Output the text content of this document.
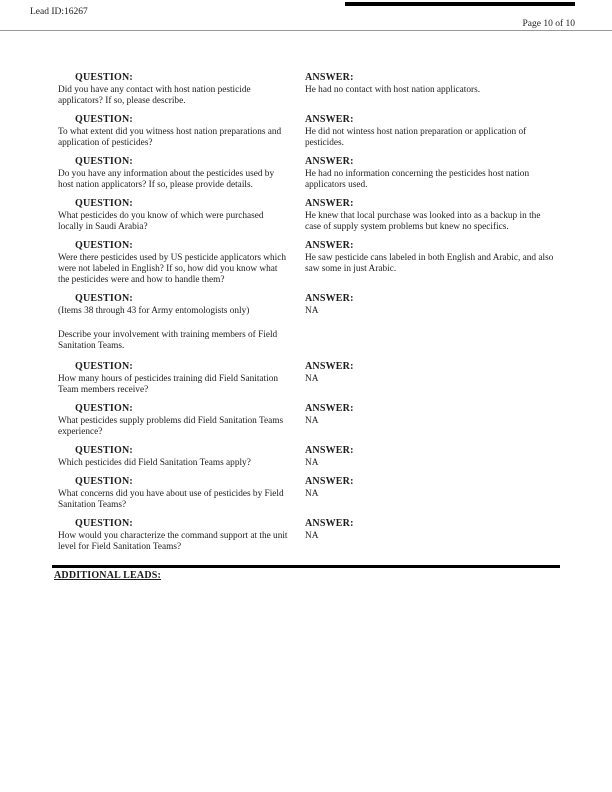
Lead ID:16267
Page 10 of 10
QUESTION:
Did you have any contact with host nation pesticide applicators? If so, please describe.
ANSWER:
He had no contact with host nation applicators.
QUESTION:
To what extent did you witness host nation preparations and application of pesticides?
ANSWER:
He did not wintess host nation preparation or application of pesticides.
QUESTION:
Do you have any information about the pesticides used by host nation applicators? If so, please provide details.
ANSWER:
He had no information concerning the pesticides host nation applicators used.
QUESTION:
What pesticides do you know of which were purchased locally in Saudi Arabia?
ANSWER:
He knew that local purchase was looked into as a backup in the case of supply system problems but knew no specifics.
QUESTION:
Were there pesticides used by US pesticide applicators which were not labeled in English? If so, how did you know what the pesticides were and how to handle them?
ANSWER:
He saw pesticide cans labeled in both English and Arabic, and also saw some in just Arabic.
QUESTION:
(Items 38 through 43 for Army entomologists only)
ANSWER:
NA
Describe your involvement with training members of Field Sanitation Teams.
QUESTION:
How many hours of pesticides training did Field Sanitation Team members receive?
ANSWER:
NA
QUESTION:
What pesticides supply problems did Field Sanitation Teams experience?
ANSWER:
NA
QUESTION:
Which pesticides did Field Sanitation Teams apply?
ANSWER:
NA
QUESTION:
What concerns did you have about use of pesticides by Field Sanitation Teams?
ANSWER:
NA
QUESTION:
How would you characterize the command support at the unit level for Field Sanitation Teams?
ANSWER:
NA
ADDITIONAL LEADS:
